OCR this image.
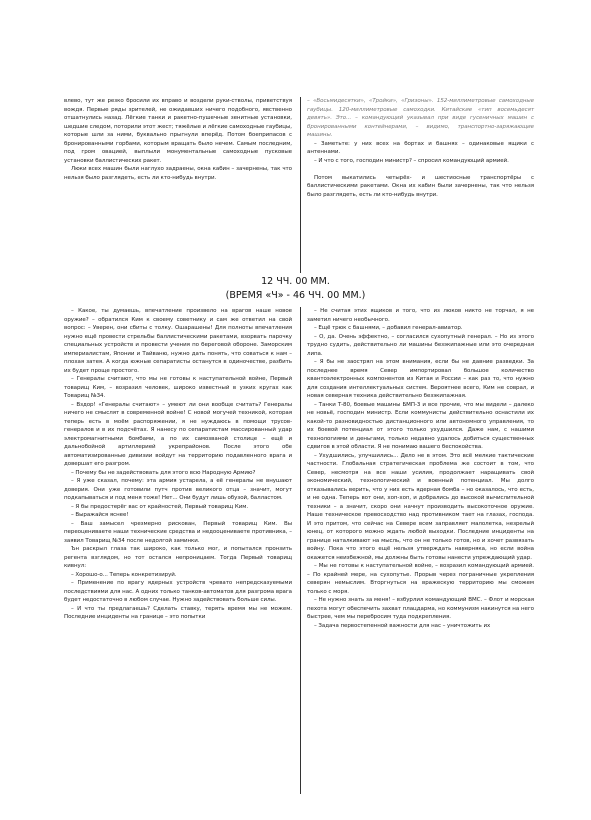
влево, тут же резко бросили их вправо и воздели руки-стволы, приветствуя вождя. Первые ряды зрителей, не ожидавших ничего подобного, явственно отшатнулись назад. Лёгкие танки и ракетно-пушечные зенитные установки, шедшие следом, поторили этот жест; тяжёлые и лёгкие самоходные гаубицы, которые шли за ними, буквально прыгнули вперёд. Потом боеприпасов с бронированными горбами, которым вращать было нечем. Самым последним, под гром овацией, выплыли монументальные самоходные пусковые установки баллистических ракет.

Люки всех машин были наглухо задраены, окна кабин – зачернены, так что нельзя было разглядеть, есть ли кто-нибудь внутри.

– «Восьмидесятки», «Тройки», «Гризоны». 152-миллиметровые самоходные гаубицы. 120-миллиметровые самоходки. Китайские «тип восемьдесят девять». Это... – командующий указывал при виде гусеничных машин с бронированными контейнерами, – видимо, транспортно-заряжающие машины.

– Заметьте: у них всех на бортах и башнях – одинаковые ящики с антеннами.

– И что с того, господин министр? – спросил командующий армией.

Потом выкатились четырёх- и шестиосные транспортёры с баллистическими ракетами. Окна их кабин были зачернены, так что нельзя было разглядеть, есть ли кто-нибудь внутри.

12 ЧЧ. 00 ММ.
(ВРЕМЯ «Ч» - 46 ЧЧ. 00 ММ.)

– Какое, ты думаешь, впечатление произвело на врагов наше новое оружие? – обратился Ким к своему советнику и сам же ответил на свой вопрос: – Уверен, они сбиты с толку. Ошарашены! Для полноты впечатления нужно ещё провести стрельбы баллистическими ракетами, взорвать парочку специальных устройств и провести учения по береговой обороне. Заморским империалистам, Японии и Тайваню, нужно дать понять, что соваться к нам – плохая затея. А когда южные сепаратисты останутся в одиночестве, разбить их будет проще простого.

– Генералы считают, что мы не готовы к наступательной войне, Первый товарищ Ким, – возразил человек, широко известный в узких кругах как Товарищ №34.

– Вздор! «Генералы считают» – умеют ли они вообще считать? Генералы ничего не смыслят в современной войне! С новой могучей техникой, которая теперь есть в моём распоряжении, я не нуждаюсь в помощи трусов-генералов и в их подсчётах. Я нанесу по сепаратистам массированный удар электромагнитными бомбами, а по их самозваной столице – ещё и дальнобойной артиллерией укрепрайонов. После этого обе автоматизированные дивизии войдут на территорию подавленного врага и довершат его разгром.

– Почему бы не задействовать для этого всю Народную Армию?

– Я уже сказал, почему: эта армия устарела, а её генералы не внушают доверия. Они уже готовили путч против великого отца – значит, могут подкапываться и под меня тоже! Нет... Они будут лишь обузой, балластом.

– Я бы предостерёг вас от крайностей, Первый товарищ Ким.

– Выражайся яснее!

– Ваш замысел чрезмерно рискован, Первый товарищ Ким. Вы переоцениваете наши технические средства и недооцениваете противника, – заявил Товарищ №34 после недолгой заминки.

Ън раскрыл глаза так широко, как только мог, и попытался пронзить регента взглядом, но тот остался непроницаем. Тогда Первый товарищ кивнул:

– Хорошо-о... Теперь конкретизируй.

– Применение по врагу ядерных устройств чревато непредсказуемыми последствиями для нас. А одних только танков-автоматов для разгрома врага будет недостаточно в любом случае. Нужно задействовать больше силы.

– И что ты предлагаешь? Сделать ставку, терять время мы не можем. Последние инциденты на границе – это попытки

– Не считая этих ящиков и того, что из люков никто не торчал, я не заметил ничего необычного.

– Ещё трюк с башнями, – добавил генерал-авиатор.

– О, да. Очень эффектно, – согласился сухопутный генерал. – Но из этого трудно судить, действительно ли машины безэкипажные или это очередная липа.

– Я бы не заострял на этом внимания, если бы не давние разведки. За последнее время Север импортировал большое количество квантоэлектронных компонентов из Китая и России – как раз то, что нужно для создания интеллектуальных систем. Вероятнее всего, Ким не соврал, и новая северная техника действительно безэкипажная.

– Танки Т-80, боевые машины БМП-3 и все прочие, что мы видели – далеко не новьё, господин министр. Если коммунисты действительно оснастили их какой-то разновидностью дистанционного или автономного управления, то их боевой потенциал от этого только ухудшился. Даже нам, с нашими технологиями и деньгами, только недавно удалось добиться существенных сдвигов в этой области. Я не понимаю вашего беспокойства.

– Ухудшились, улучшились... Дело не в этом. Это всё мелкие тактические частности. Глобальная стратегическая проблема же состоит в том, что Север, несмотря на все наши усилия, продолжает наращивать свой экономический, технологический и военный потенциал. Мы долго отказывались верить, что у них есть ядерная бомба – но оказалось, что есть, и не одна. Теперь вот они, хоп-хоп, и добрались до высокой вычислительной техники – а значит, скоро они начнут производить высокоточное оружие. Наше техническое превосходство над противником тает на глазах, господа. И это притом, что сейчас на Севере всем заправляет малолетка, незрелый юнец, от которого можно ждать любой выходки. Последние инциденты на границе наталкивают на мысль, что он не только готов, но и хочет развязать войну. Пока что этого ещё нельзя утверждать наверняка, но если война окажется неизбежной, мы должны быть готовы нанести упреждающий удар.

– Мы не готовы к наступательной войне, – возразил командующий армией. – По крайней мере, на сухопутье. Прорыв через пограничные укрепления северян немыслим. Вторгнуться на вражескую территорию мы сможем только с моря.

– Не нужно знать за меня! – взбурлил командующий ВМС. – Флот и морская пехота могут обеспечить захват плацдарма, но коммунизм накинутся на него быстрее, чем мы перебросим туда подкрепления.

– Задача первостепенной важности для нас – уничтожить их
